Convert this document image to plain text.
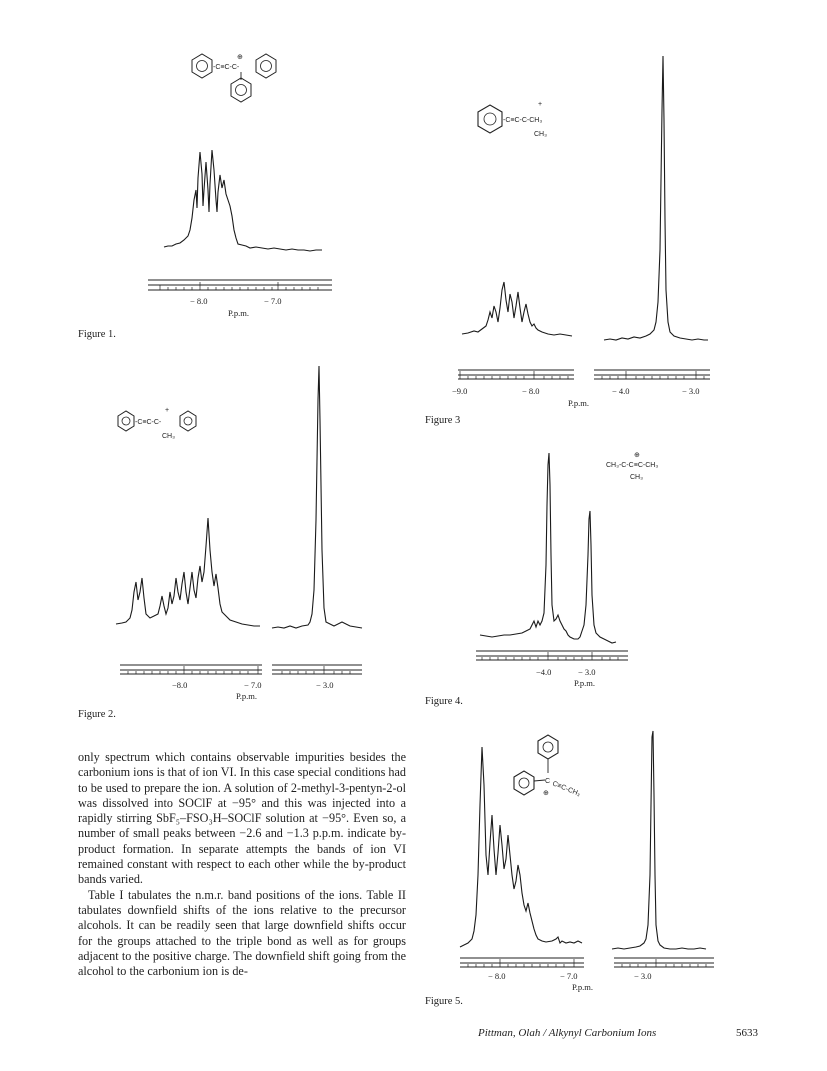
-C≡C-C-
⊕
− 8.0	− 7.0
P.p.m.
Figure 1.
-C≡C-C-
+
CH₃
−8.0	− 7.0	− 3.0
P.p.m.
Figure 2.
-C≡C-C-CH₃
+
CH₃
−9.0	− 8.0	− 4.0	− 3.0
P.p.m.
Figure 3
CH₃-C-C≡C-CH₃
⊕
CH₃
−4.0	− 3.0
P.p.m.
Figure 4.
C
⊕ C≡C-CH₃
− 8.0	− 7.0	− 3.0
P.p.m.
Figure 5.

only spectrum which contains observable impurities besides the carbonium ions is that of ion VI. In this case special conditions had to be used to prepare the ion. A solution of 2-methyl-3-pentyn-2-ol was dissolved into SOClF at −95° and this was injected into a rapidly stirring SbF₅–FSO₃H–SOClF solution at −95°. Even so, a number of small peaks between −2.6 and −1.3 p.p.m. indicate by-product formation. In separate attempts the bands of ion VI remained constant with respect to each other while the by-product bands varied.

Table I tabulates the n.m.r. band positions of the ions. Table II tabulates downfield shifts of the ions relative to the precursor alcohols. It can be readily seen that large downfield shifts occur for the groups attached to the triple bond as well as for groups adjacent to the positive charge. The downfield shift going from the alcohol to the carbonium ion is de-

Pittman, Olah / Alkynyl Carbonium Ions	5633
